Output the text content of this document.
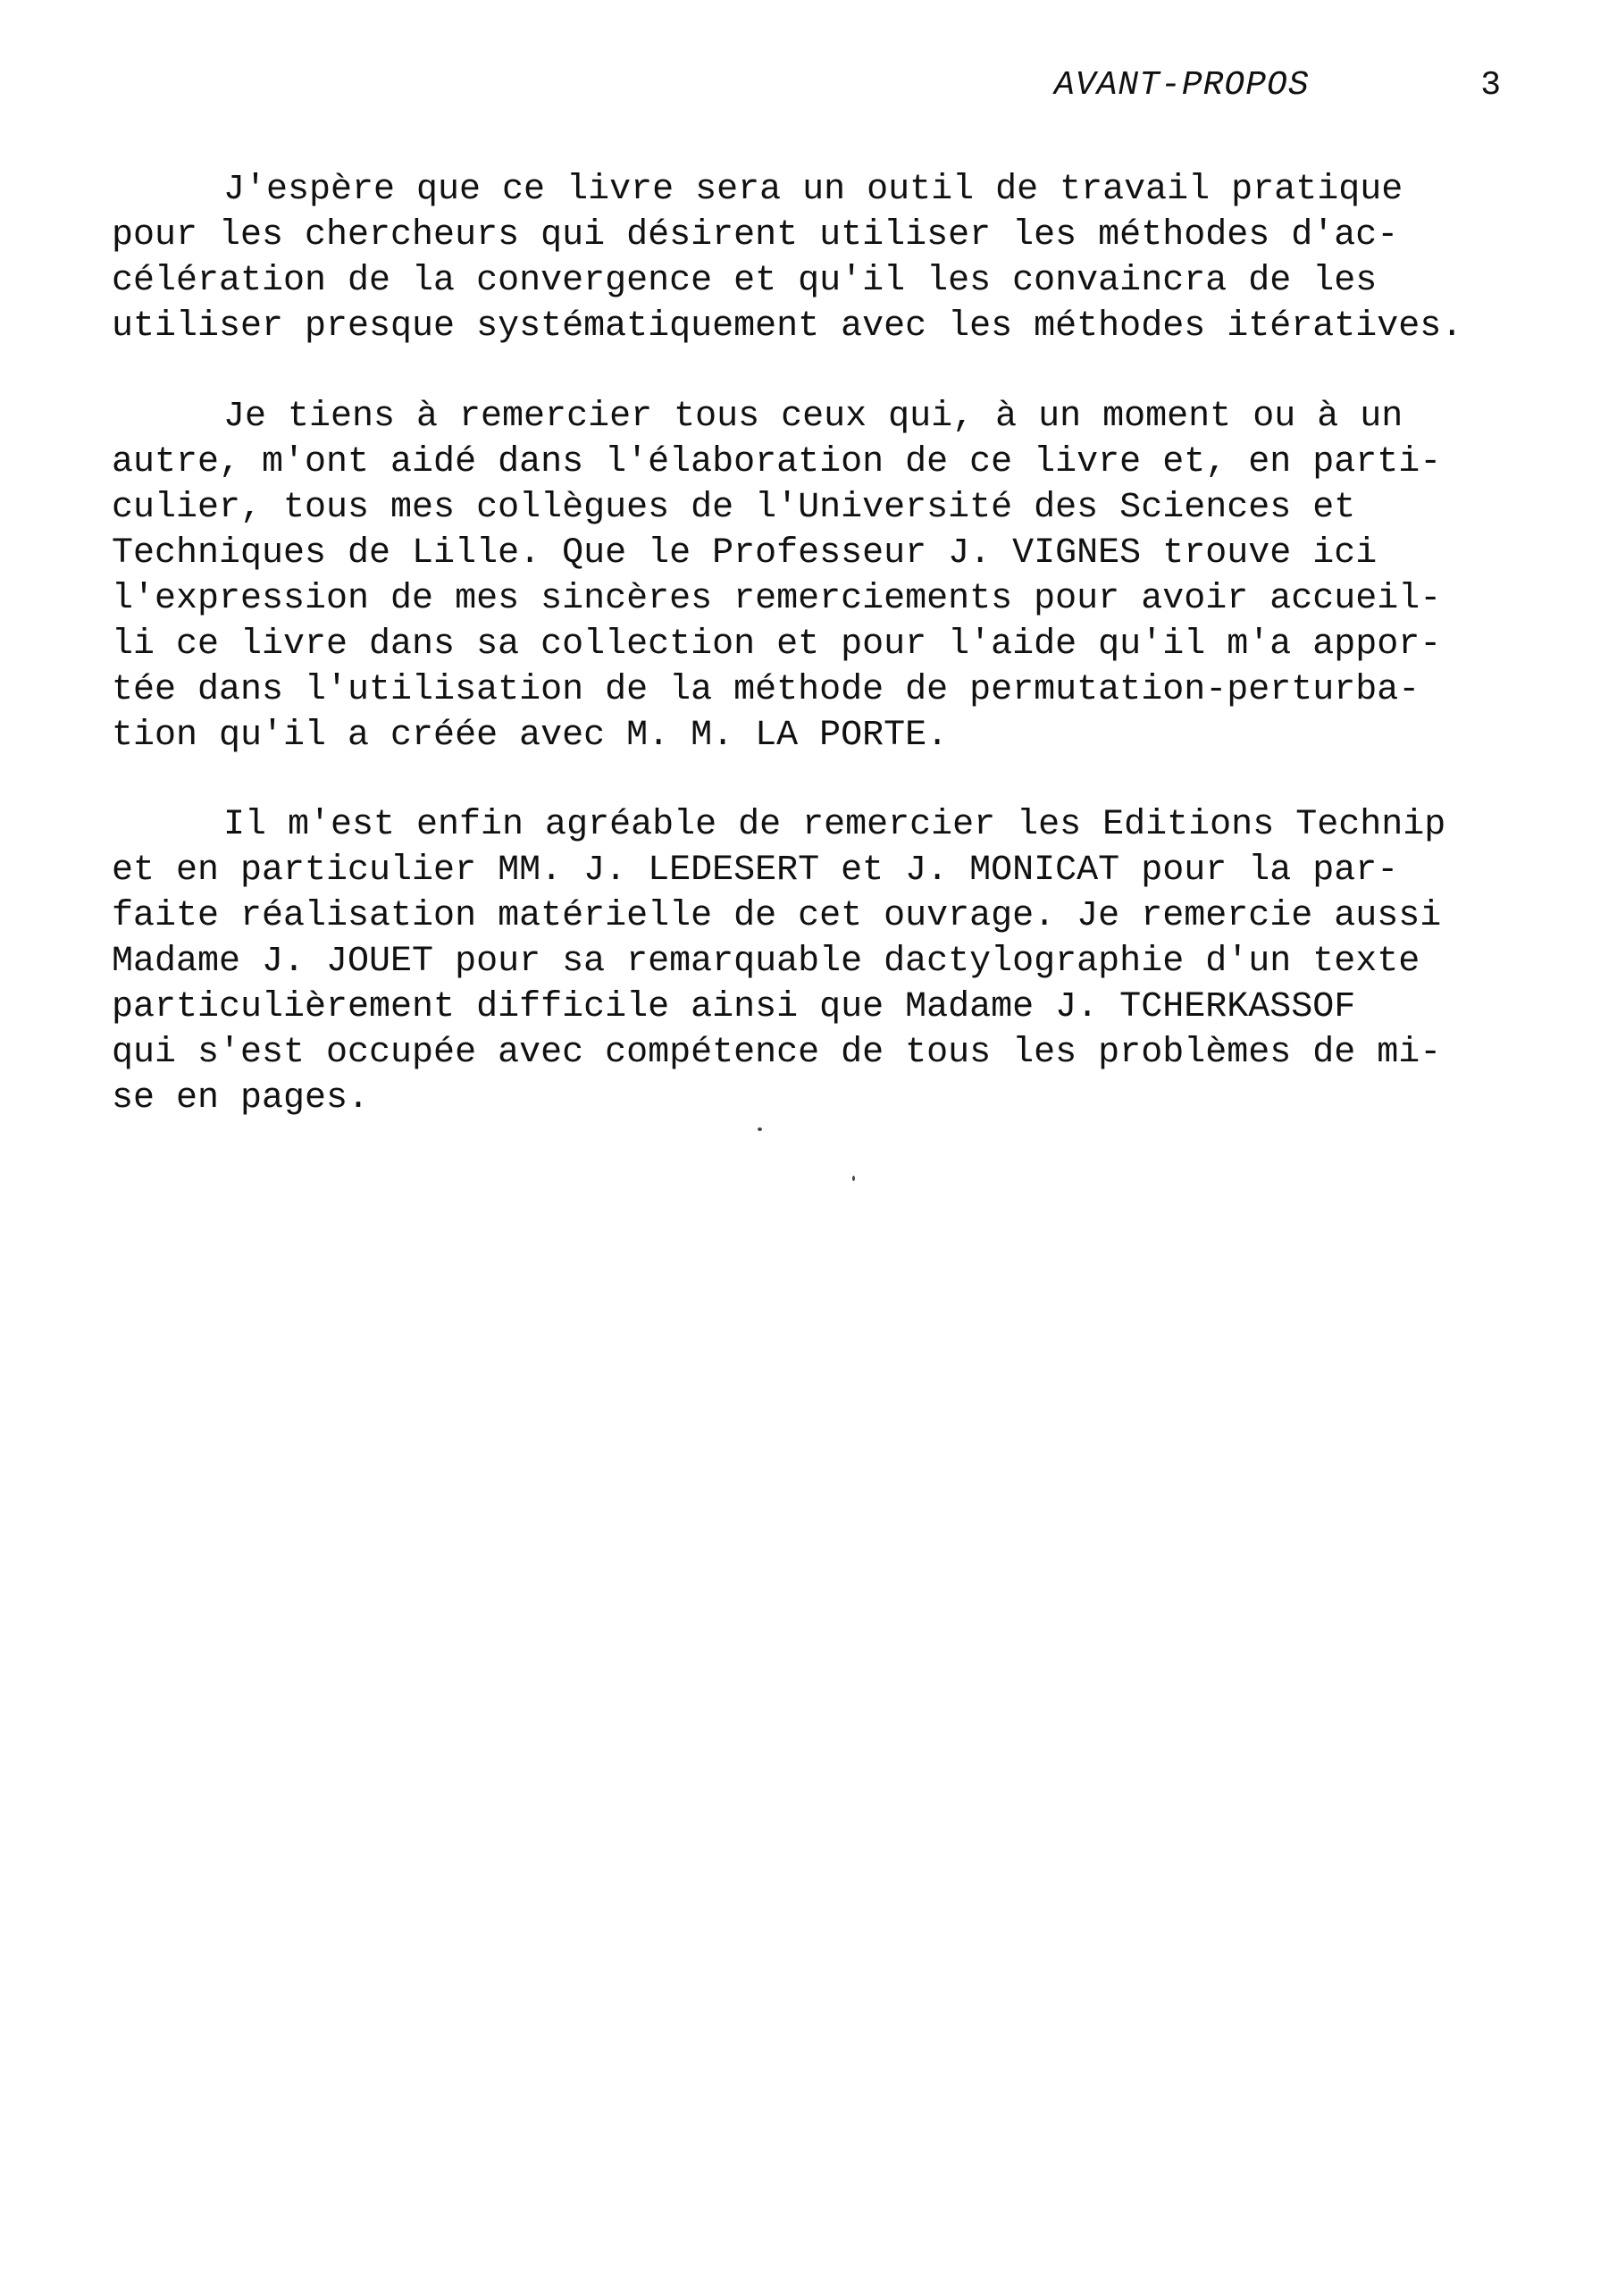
AVANT-PROPOS	3
J'espère que ce livre sera un outil de travail pratique
pour les chercheurs qui désirent utiliser les méthodes d'ac-
célération de la convergence et qu'il les convaincra de les
utiliser presque systématiquement avec les méthodes itératives.
Je tiens à remercier tous ceux qui, à un moment ou à un
autre, m'ont aidé dans l'élaboration de ce livre et, en parti-
culier, tous mes collègues de l'Université des Sciences et
Techniques de Lille. Que le Professeur J. VIGNES trouve ici
l'expression de mes sincères remerciements pour avoir accueil-
li ce livre dans sa collection et pour l'aide qu'il m'a appor-
tée dans l'utilisation de la méthode de permutation-perturba-
tion qu'il a créée avec M. M. LA PORTE.
Il m'est enfin agréable de remercier les Editions Technip
et en particulier MM. J. LEDESERT et J. MONICAT pour la par-
faite réalisation matérielle de cet ouvrage. Je remercie aussi
Madame J. JOUET pour sa remarquable dactylographie d'un texte
particulièrement difficile ainsi que Madame J. TCHERKASSOF
qui s'est occupée avec compétence de tous les problèmes de mi-
se en pages.
